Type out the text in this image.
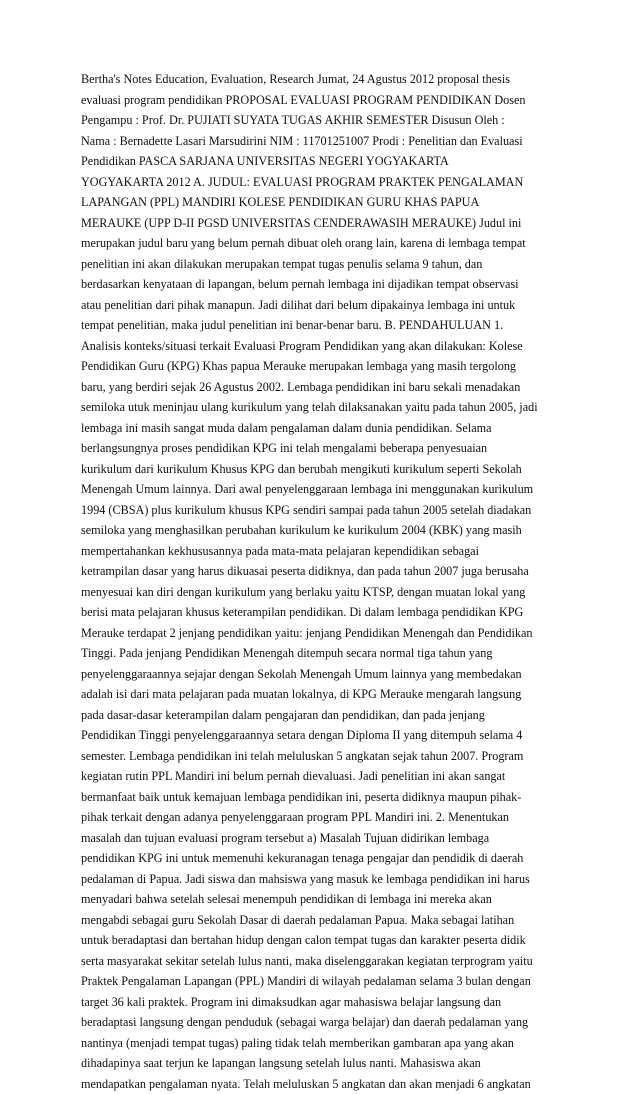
Bertha's Notes Education, Evaluation, Research Jumat, 24 Agustus 2012 proposal thesis
evaluasi program pendidikan PROPOSAL EVALUASI PROGRAM PENDIDIKAN Dosen
Pengampu : Prof. Dr. PUJIATI SUYATA TUGAS AKHIR SEMESTER Disusun Oleh :
Nama : Bernadette Lasari Marsudirini NIM : 11701251007 Prodi : Penelitian dan Evaluasi
Pendidikan PASCA SARJANA UNIVERSITAS NEGERI YOGYAKARTA
YOGYAKARTA 2012 A. JUDUL: EVALUASI PROGRAM PRAKTEK PENGALAMAN
LAPANGAN (PPL) MANDIRI KOLESE PENDIDIKAN GURU KHAS PAPUA
MERAUKE (UPP D-II PGSD UNIVERSITAS CENDERAWASIH MERAUKE) Judul ini
merupakan judul baru yang belum pernah dibuat oleh orang lain, karena di lembaga tempat
penelitian ini akan dilakukan merupakan tempat tugas penulis selama 9 tahun, dan
berdasarkan kenyataan di lapangan, belum pernah lembaga ini dijadikan tempat observasi
atau penelitian dari pihak manapun. Jadi dilihat dari belum dipakainya lembaga ini untuk
tempat penelitian, maka judul penelitian ini benar-benar baru. B. PENDAHULUAN 1.
Analisis konteks/situasi terkait Evaluasi Program Pendidikan yang akan dilakukan: Kolese
Pendidikan Guru (KPG) Khas papua Merauke merupakan lembaga yang masih tergolong
baru, yang berdiri sejak 26 Agustus 2002. Lembaga pendidikan ini baru sekali menadakan
semiloka utuk meninjau ulang kurikulum yang telah dilaksanakan yaitu pada tahun 2005, jadi
lembaga ini masih sangat muda dalam pengalaman dalam dunia pendidikan. Selama
berlangsungnya proses pendidikan KPG ini telah mengalami beberapa penyesuaian
kurikulum dari kurikulum Khusus KPG dan berubah mengikuti kurikulum seperti Sekolah
Menengah Umum lainnya. Dari awal penyelenggaraan lembaga ini menggunakan kurikulum
1994 (CBSA) plus kurikulum khusus KPG sendiri sampai pada tahun 2005 setelah diadakan
semiloka yang menghasilkan perubahan kurikulum ke kurikulum 2004 (KBK) yang masih
mempertahankan kekhususannya pada mata-mata pelajaran kependidikan sebagai
ketrampilan dasar yang harus dikuasai peserta didiknya, dan pada tahun 2007 juga berusaha
menyesuai kan diri dengan kurikulum yang berlaku yaitu KTSP, dengan muatan lokal yang
berisi mata pelajaran khusus keterampilan pendidikan. Di dalam lembaga pendidikan KPG
Merauke terdapat 2 jenjang pendidikan yaitu: jenjang Pendidikan Menengah dan Pendidikan
Tinggi. Pada jenjang Pendidikan Menengah ditempuh secara normal tiga tahun yang
penyelenggaraannya sejajar dengan Sekolah Menengah Umum lainnya yang membedakan
adalah isi dari mata pelajaran pada muatan lokalnya, di KPG Merauke mengarah langsung
pada dasar-dasar keterampilan dalam pengajaran dan pendidikan, dan pada jenjang
Pendidikan Tinggi penyelenggaraannya setara dengan Diploma II yang ditempuh selama 4
semester. Lembaga pendidikan ini telah meluluskan 5 angkatan sejak tahun 2007. Program
kegiatan rutin PPL Mandiri ini belum pernah dievaluasi. Jadi penelitian ini akan sangat
bermanfaat baik untuk kemajuan lembaga pendidikan ini, peserta didiknya maupun pihak-
pihak terkait dengan adanya penyelenggaraan program PPL Mandiri ini. 2. Menentukan
masalah dan tujuan evaluasi program tersebut a) Masalah Tujuan didirikan lembaga
pendidikan KPG ini untuk memenuhi kekuranagan tenaga pengajar dan pendidik di daerah
pedalaman di Papua. Jadi siswa dan mahsiswa yang masuk ke lembaga pendidikan ini harus
menyadari bahwa setelah selesai menempuh pendidikan di lembaga ini mereka akan
mengabdi sebagai guru Sekolah Dasar di daerah pedalaman Papua. Maka sebagai latihan
untuk beradaptasi dan bertahan hidup dengan calon tempat tugas dan karakter peserta didik
serta masyarakat sekitar setelah lulus nanti, maka diselenggarakan kegiatan terprogram yaitu
Praktek Pengalaman Lapangan (PPL) Mandiri di wilayah pedalaman selama 3 bulan dengan
target 36 kali praktek. Program ini dimaksudkan agar mahasiswa belajar langsung dan
beradaptasi langsung dengan penduduk (sebagai warga belajar) dan daerah pedalaman yang
nantinya (menjadi tempat tugas) paling tidak telah memberikan gambaran apa yang akan
dihadapinya saat terjun ke lapangan langsung setelah lulus nanti. Mahasiswa akan
mendapatkan pengalaman nyata. Telah meluluskan 5 angkatan dan akan menjadi 6 angkatan
